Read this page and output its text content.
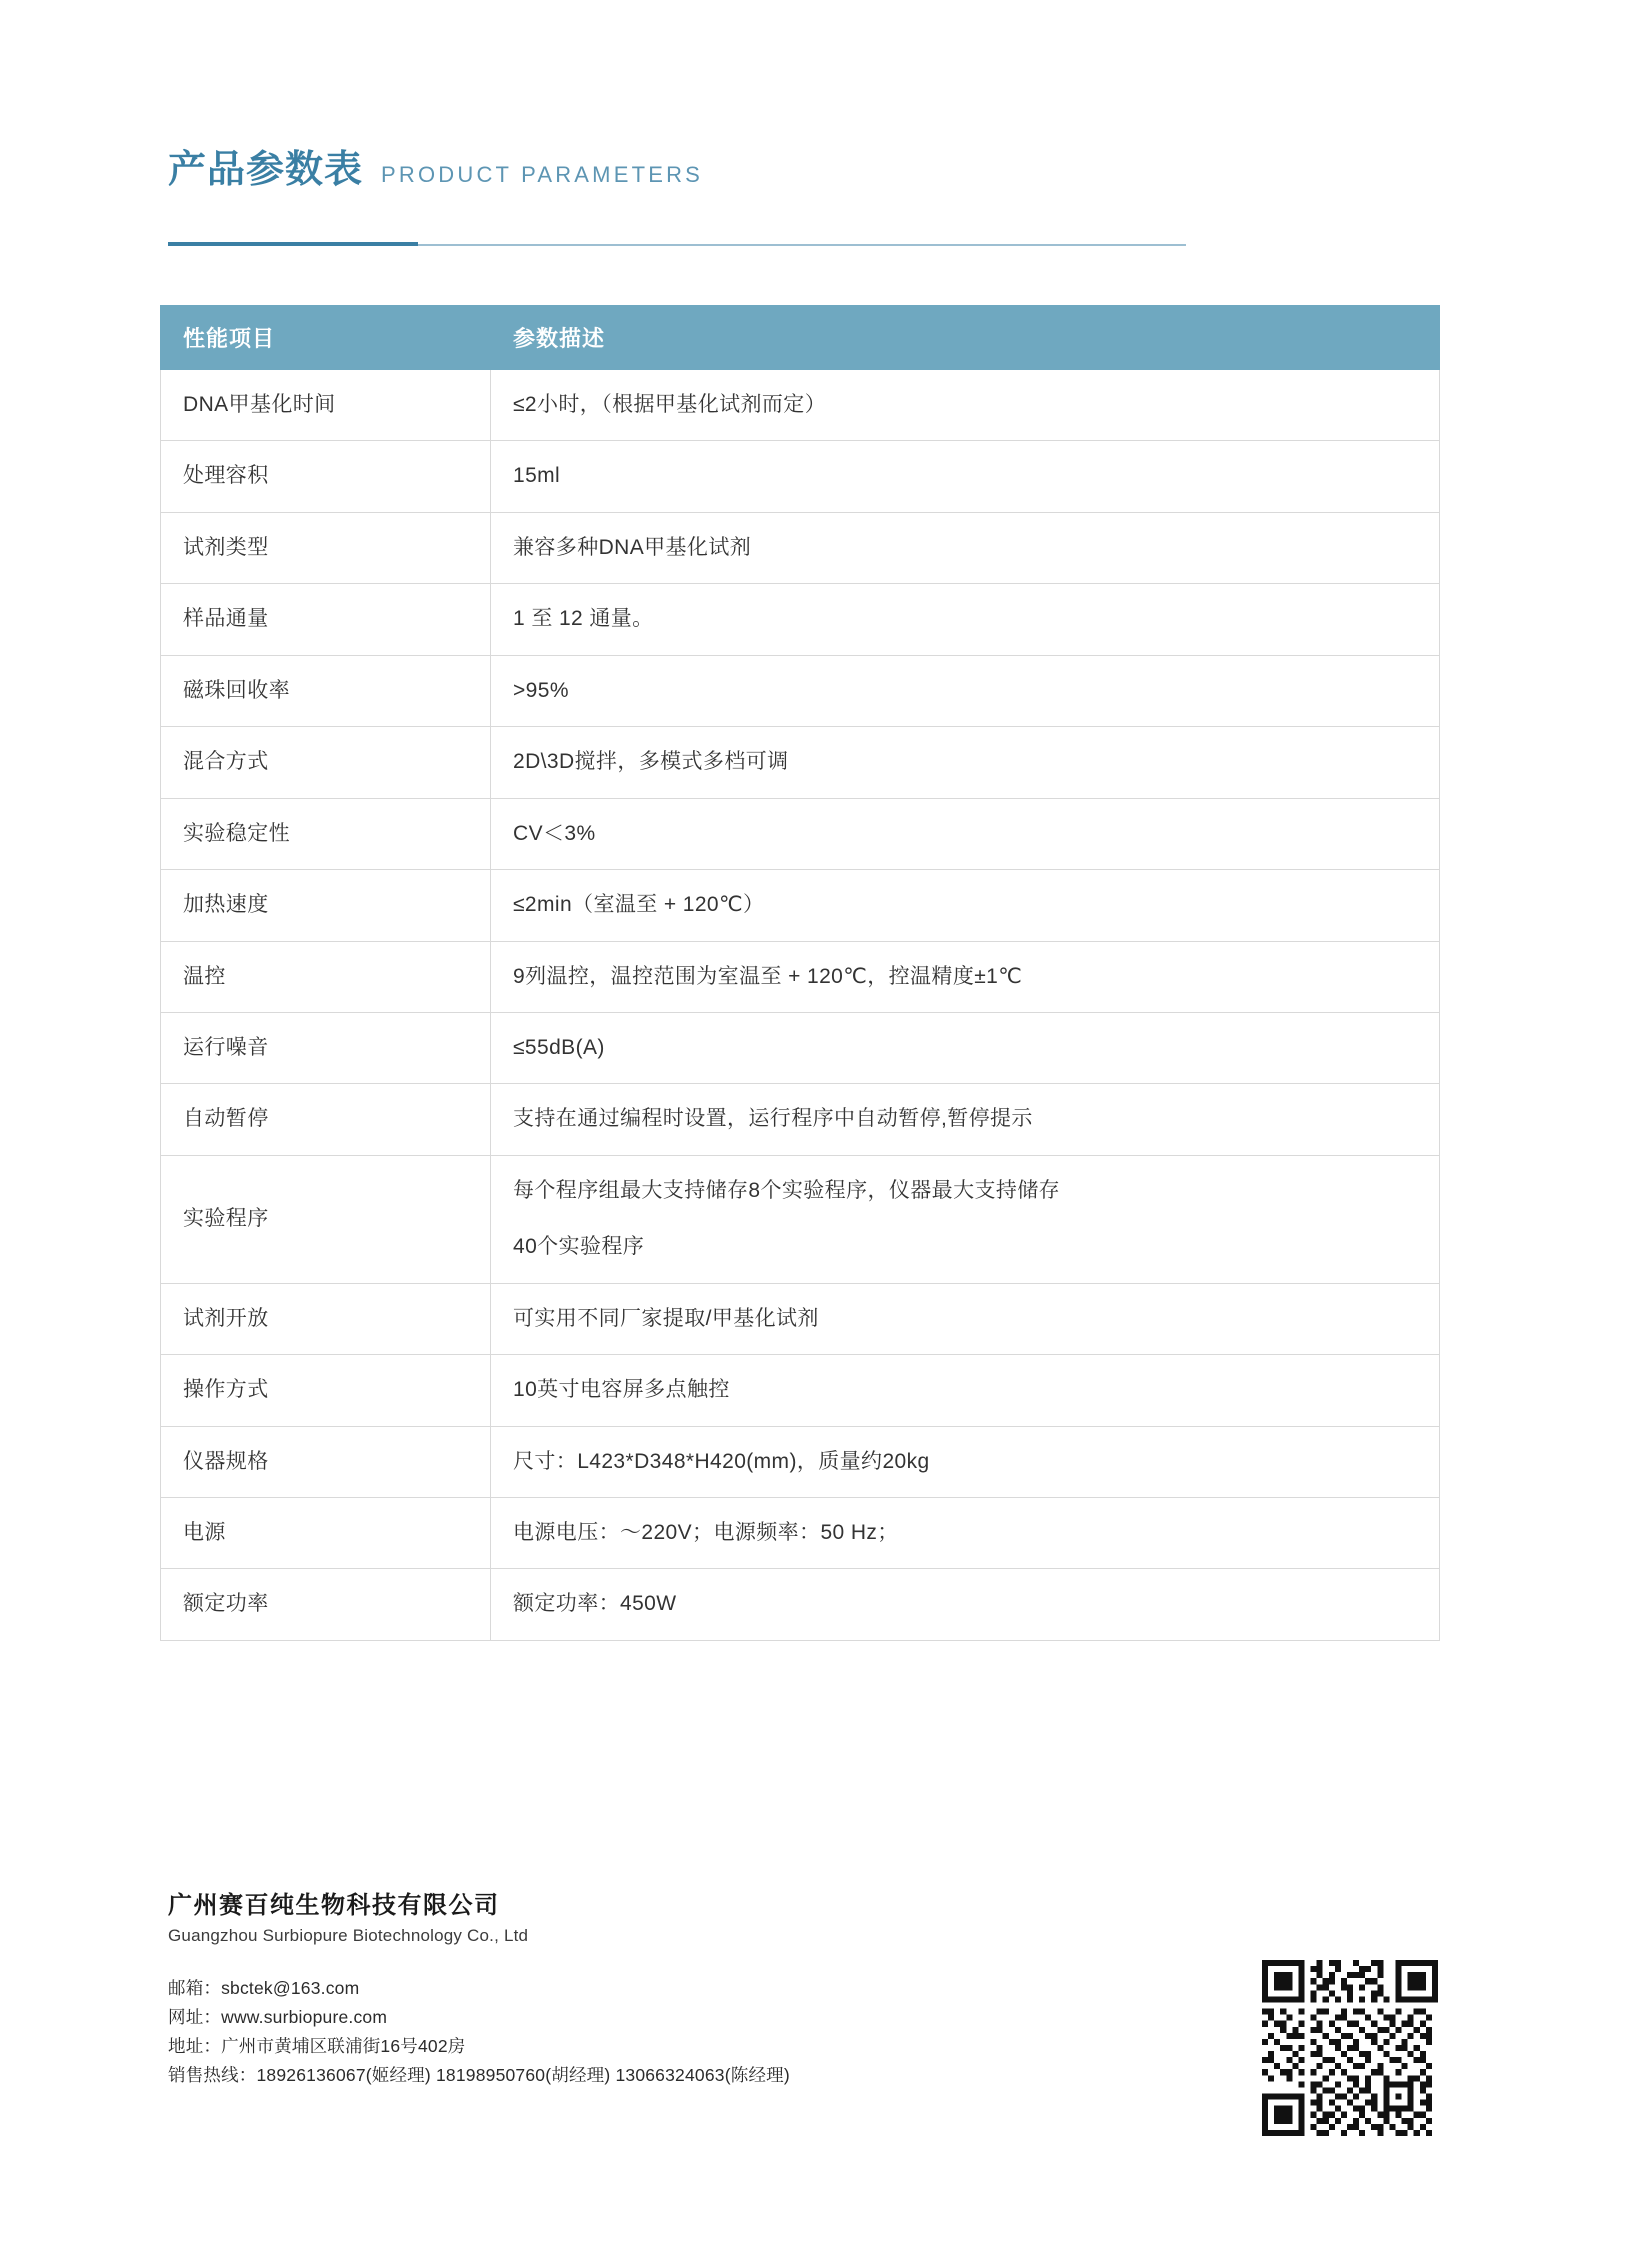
产品参数表 PRODUCT PARAMETERS
性能项目	参数描述
DNA甲基化时间	≤2小时，（根据甲基化试剂而定）
处理容积	15ml
试剂类型	兼容多种DNA甲基化试剂
样品通量	1 至 12 通量。
磁珠回收率	>95%
混合方式	2D\3D搅拌，多模式多档可调
实验稳定性	CV＜3%
加热速度	≤2min（室温至 + 120℃）
温控	9列温控，温控范围为室温至 + 120℃，控温精度±1℃
运行噪音	≤55dB(A)
自动暂停	支持在通过编程时设置，运行程序中自动暂停,暂停提示
实验程序	每个程序组最大支持储存8个实验程序，仪器最大支持储存
40个实验程序

试剂开放	可实用不同厂家提取/甲基化试剂
操作方式	10英寸电容屏多点触控
仪器规格	尺寸：L423*D348*H420(mm)，质量约20kg
电源	电源电压：～220V；电源频率：50 Hz；
额定功率	额定功率：450W
广州赛百纯生物科技有限公司
Guangzhou Surbiopure Biotechnology Co., Ltd
邮箱：sbctek@163.com
网址：www.surbiopure.com
地址：广州市黄埔区联浦街16号402房
销售热线：18926136067(姬经理) 18198950760(胡经理) 13066324063(陈经理)
